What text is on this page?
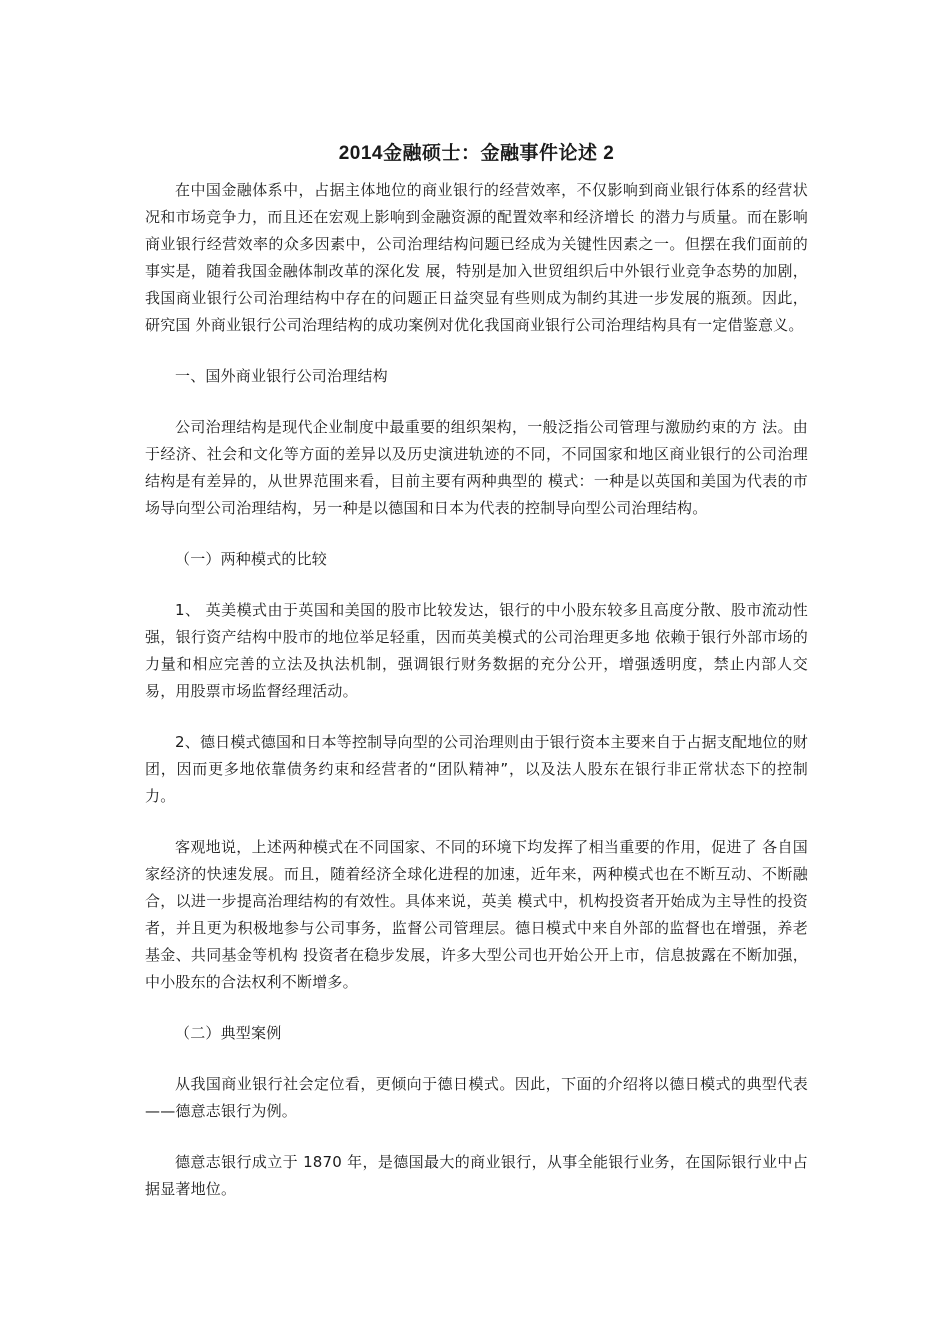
2014金融硕士：金融事件论述 2

在中国金融体系中，占据主体地位的商业银行的经营效率，不仅影响到商业银行体系的经营状况和市场竞争力，而且还在宏观上影响到金融资源的配置效率和经济增长 的潜力与质量。而在影响商业银行经营效率的众多因素中，公司治理结构问题已经成为关键性因素之一。但摆在我们面前的事实是，随着我国金融体制改革的深化发 展，特别是加入世贸组织后中外银行业竞争态势的加剧，我国商业银行公司治理结构中存在的问题正日益突显有些则成为制约其进一步发展的瓶颈。因此，研究国 外商业银行公司治理结构的成功案例对优化我国商业银行公司治理结构具有一定借鉴意义。

一、国外商业银行公司治理结构

公司治理结构是现代企业制度中最重要的组织架构，一般泛指公司管理与激励约束的方 法。由于经济、社会和文化等方面的差异以及历史演进轨迹的不同，不同国家和地区商业银行的公司治理结构是有差异的，从世界范围来看，目前主要有两种典型的 模式：一种是以英国和美国为代表的市场导向型公司治理结构，另一种是以德国和日本为代表的控制导向型公司治理结构。

（一）两种模式的比较

1、 英美模式由于英国和美国的股市比较发达，银行的中小股东较多且高度分散、股市流动性强，银行资产结构中股市的地位举足轻重，因而英美模式的公司治理更多地 依赖于银行外部市场的力量和相应完善的立法及执法机制，强调银行财务数据的充分公开，增强透明度，禁止内部人交易，用股票市场监督经理活动。

2、德日模式德国和日本等控制导向型的公司治理则由于银行资本主要来自于占据支配地位的财团，因而更多地依靠债务约束和经营者的“团队精神”，以及法人股东在银行非正常状态下的控制力。

客观地说，上述两种模式在不同国家、不同的环境下均发挥了相当重要的作用，促进了 各自国家经济的快速发展。而且，随着经济全球化进程的加速，近年来，两种模式也在不断互动、不断融合，以进一步提高治理结构的有效性。具体来说，英美 模式中，机构投资者开始成为主导性的投资者，并且更为积极地参与公司事务，监督公司管理层。德日模式中来自外部的监督也在增强，养老基金、共同基金等机构 投资者在稳步发展，许多大型公司也开始公开上市，信息披露在不断加强，中小股东的合法权利不断增多。

（二）典型案例

从我国商业银行社会定位看，更倾向于德日模式。因此，下面的介绍将以德日模式的典型代表——德意志银行为例。

德意志银行成立于 1870 年，是德国最大的商业银行，从事全能银行业务，在国际银行业中占据显著地位。
